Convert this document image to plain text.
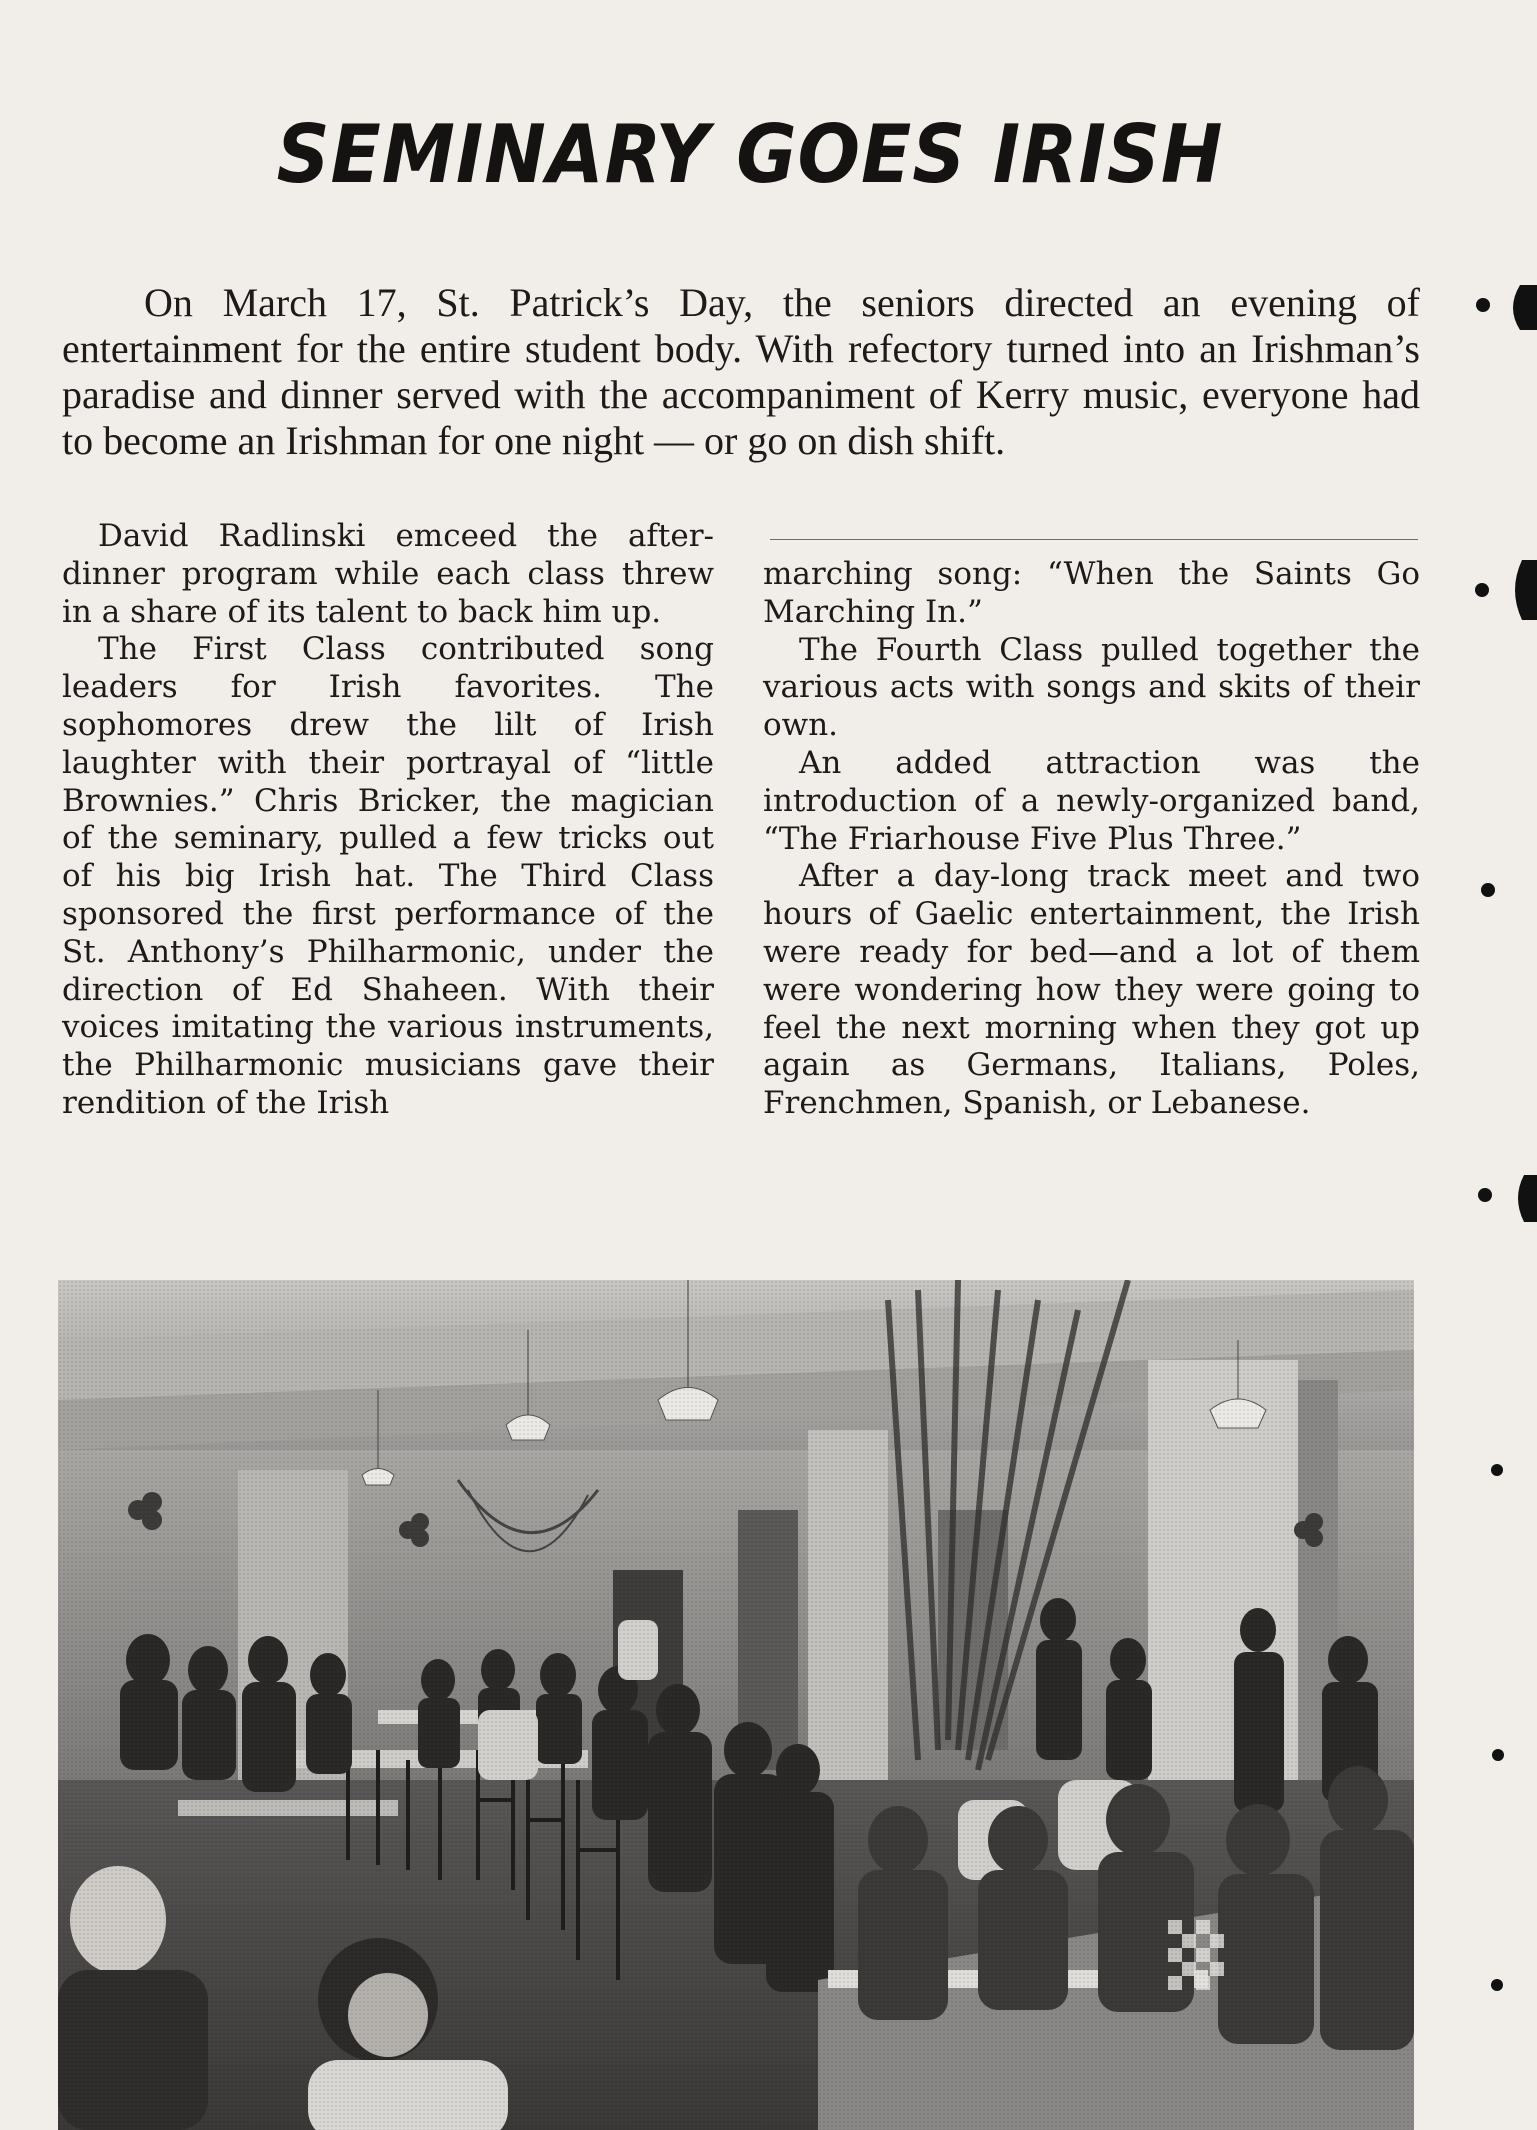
SEMINARY GOES IRISH

On March 17, St. Patrick’s Day, the seniors directed an evening of entertainment for the entire student body. With refectory turned into an Irishman’s paradise and dinner served with the accompaniment of Kerry music, everyone had to become an Irishman for one night — or go on dish shift.

David Radlinski emceed the after-dinner program while each class threw in a share of its talent to back him up.

The First Class contributed song leaders for Irish favorites. The sophomores drew the lilt of Irish laughter with their portrayal of “little Brownies.” Chris Bricker, the magician of the seminary, pulled a few tricks out of his big Irish hat. The Third Class sponsored the first performance of the St. Anthony’s Philharmonic, under the direction of Ed Shaheen. With their voices imitating the various instruments, the Philharmonic musicians gave their rendition of the Irish

marching song: “When the Saints Go Marching In.”

The Fourth Class pulled together the various acts with songs and skits of their own.

An added attraction was the introduction of a newly-organized band, “The Friarhouse Five Plus Three.”

After a day-long track meet and two hours of Gaelic entertainment, the Irish were ready for bed—and a lot of them were wondering how they were going to feel the next morning when they got up again as Germans, Italians, Poles, Frenchmen, Spanish, or Lebanese.
